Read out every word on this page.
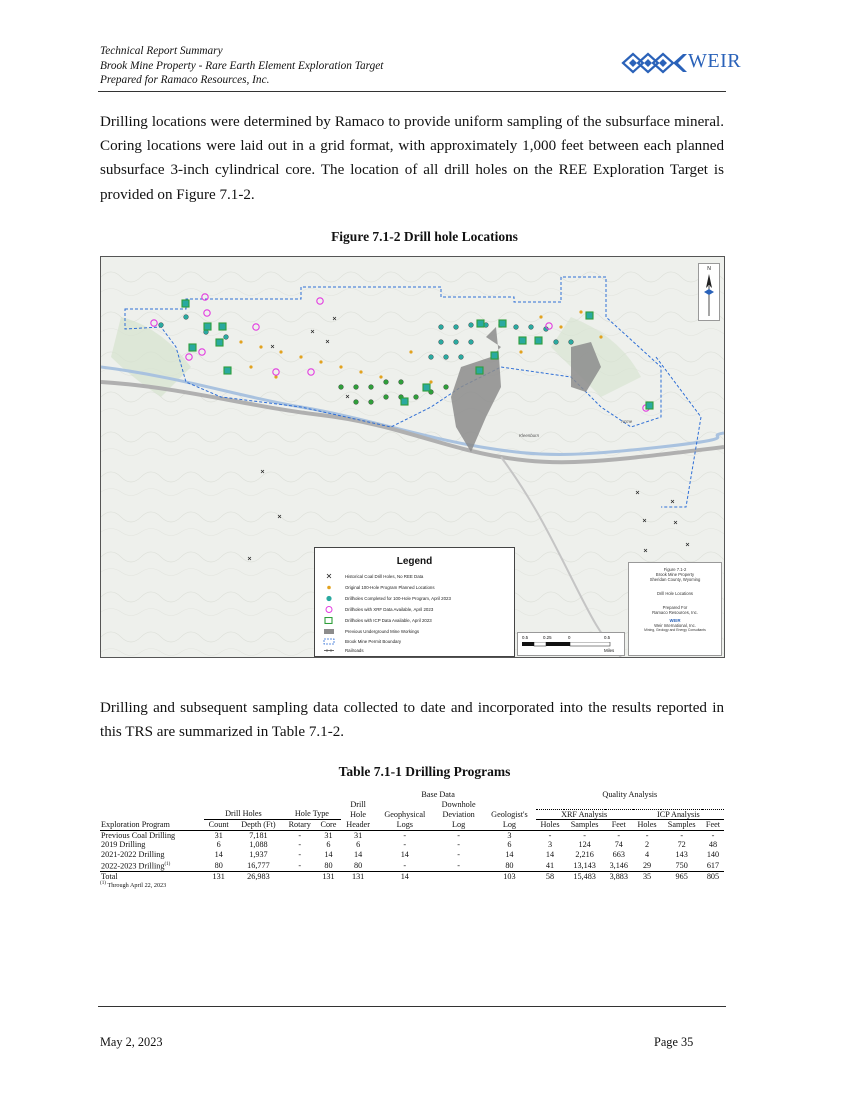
Technical Report Summary
Brook Mine Property - Rare Earth Element Exploration Target
Prepared for Ramaco Resources, Inc.
WEIR
Drilling locations were determined by Ramaco to provide uniform sampling of the subsurface mineral. Coring locations were laid out in a grid format, with approximately 1,000 feet between each planned subsurface 3-inch cylindrical core. The location of all drill holes on the REE Exploration Target is provided on Figure 7.1-2.
Figure 7.1-2 Drill hole Locations
Kleenburn
Acme
N
Legend
Historical Coal Drill Holes, No REE Data
Original 100-Hole Program Planned Locations
Drillholes Completed for 100-Hole Program, April 2023
Drillholes with XRF Data Available, April 2023
Drillholes with ICP Data Available, April 2023
Previous Underground Mine Workings
Brook Mine Permit Boundary
Railroads
0.5	0.25	0	0.5
Miles
Figure 7.1-2
Brook Mine Property
Sheridan County, Wyoming
Drill Hole Locations
Prepared For
Ramaco Resources, Inc.
WEIR
Weir International, Inc.
Mining, Geology and Energy Consultants
Drilling and subsequent sampling data collected to date and incorporated into the results reported in this TRS are summarized in Table 7.1-2.
Table 7.1-1 Drilling Programs
					Base Data				Quality Analysis					
					Drill		Downhole							
	Drill Holes		Hole Type		Hole	Geophysical	Deviation	Geologist's	XRF Analysis			ICP Analysis		
Exploration Program	Count	Depth (Ft)	Rotary	Core	Header	Logs	Log	Log	Holes	Samples	Feet	Holes	Samples	Feet
Previous Coal Drilling	31	7,181	-	31	31	-	-	3	-	-	-	-	-	-
2019 Drilling	6	1,088	-	6	6	-	-	6	3	124	74	2	72	48
2021-2022 Drilling	14	1,937	-	14	14	14	-	14	14	2,216	663	4	143	140
2022-2023 Drilling$^{(1)}$	80	16,777	-	80	80	-	-	80	41	13,143	3,146	29	750	617
Total	131	26,983		131	131	14		103	58	15,483	3,883	35	965	805
$^{(1)}$ Through April 22, 2023
May 2, 2023	Page 35
